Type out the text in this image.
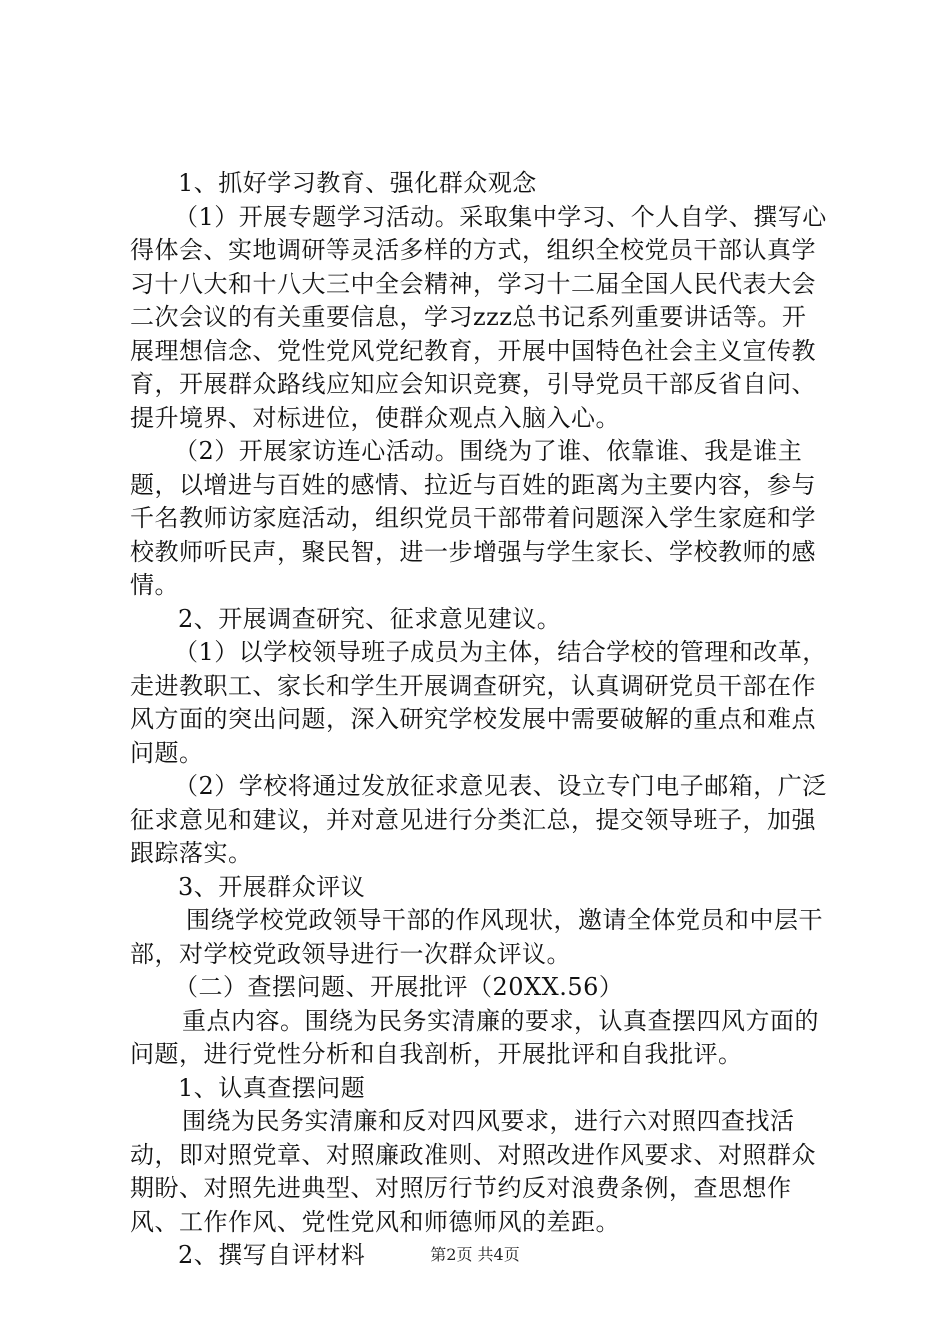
1、抓好学习教育、强化群众观念

（1）开展专题学习活动。采取集中学习、个人自学、撰写心得体会、实地调研等灵活多样的方式，组织全校党员干部认真学习十八大和十八大三中全会精神，学习十二届全国人民代表大会二次会议的有关重要信息，学习zzz总书记系列重要讲话等。开展理想信念、党性党风党纪教育，开展中国特色社会主义宣传教育，开展群众路线应知应会知识竞赛，引导党员干部反省自问、提升境界、对标进位，使群众观点入脑入心。

（2）开展家访连心活动。围绕为了谁、依靠谁、我是谁主题，以增进与百姓的感情、拉近与百姓的距离为主要内容，参与千名教师访家庭活动，组织党员干部带着问题深入学生家庭和学校教师听民声，聚民智，进一步增强与学生家长、学校教师的感情。

2、开展调查研究、征求意见建议。

（1）以学校领导班子成员为主体，结合学校的管理和改革，走进教职工、家长和学生开展调查研究，认真调研党员干部在作风方面的突出问题，深入研究学校发展中需要破解的重点和难点问题。

（2）学校将通过发放征求意见表、设立专门电子邮箱，广泛征求意见和建议，并对意见进行分类汇总，提交领导班子，加强跟踪落实。

3、开展群众评议

围绕学校党政领导干部的作风现状，邀请全体党员和中层干部，对学校党政领导进行一次群众评议。

（二）查摆问题、开展批评（20XX.56）

重点内容。围绕为民务实清廉的要求，认真查摆四风方面的问题，进行党性分析和自我剖析，开展批评和自我批评。

1、认真查摆问题

围绕为民务实清廉和反对四风要求，进行六对照四查找活动，即对照党章、对照廉政准则、对照改进作风要求、对照群众期盼、对照先进典型、对照厉行节约反对浪费条例，查思想作风、工作作风、党性党风和师德师风的差距。

2、撰写自评材料	第2页 共4页
